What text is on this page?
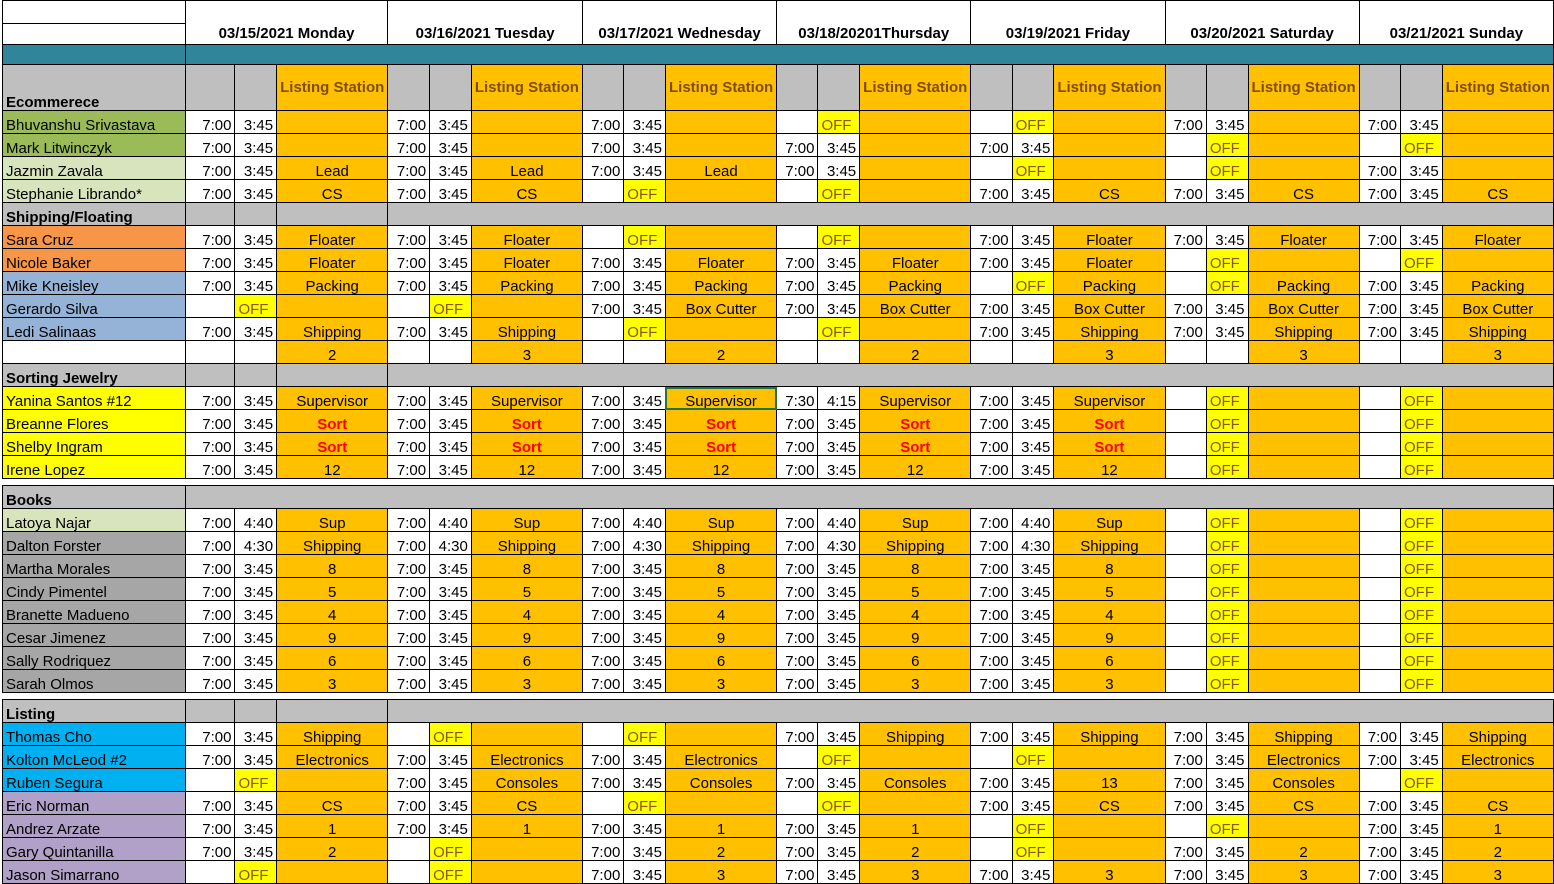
	03/15/2021 Monday			03/16/2021 Tuesday			03/17/2021 Wednesday			03/18/20201Thursday			03/19/2021 Friday			03/20/2021 Saturday			03/21/2021 Sunday		

Ecommerece			Listing Station			Listing Station			Listing Station			Listing Station			Listing Station			Listing Station			Listing Station
Bhuvanshu Srivastava	7:00	3:45		7:00	3:45		7:00	3:45			OFF			OFF		7:00	3:45		7:00	3:45	
Mark Litwinczyk	7:00	3:45		7:00	3:45		7:00	3:45		7:00	3:45		7:00	3:45			OFF			OFF	
Jazmin Zavala	7:00	3:45	Lead	7:00	3:45	Lead	7:00	3:45	Lead	7:00	3:45			OFF			OFF		7:00	3:45	
Stephanie Librando*	7:00	3:45	CS	7:00	3:45	CS		OFF			OFF		7:00	3:45	CS	7:00	3:45	CS	7:00	3:45	CS
Shipping/Floating																					
Sara Cruz	7:00	3:45	Floater	7:00	3:45	Floater		OFF			OFF		7:00	3:45	Floater	7:00	3:45	Floater	7:00	3:45	Floater
Nicole Baker	7:00	3:45	Floater	7:00	3:45	Floater	7:00	3:45	Floater	7:00	3:45	Floater	7:00	3:45	Floater		OFF			OFF	
Mike Kneisley	7:00	3:45	Packing	7:00	3:45	Packing	7:00	3:45	Packing	7:00	3:45	Packing		OFF	Packing		OFF	Packing	7:00	3:45	Packing
Gerardo Silva		OFF			OFF		7:00	3:45	Box Cutter	7:00	3:45	Box Cutter	7:00	3:45	Box Cutter	7:00	3:45	Box Cutter	7:00	3:45	Box Cutter
Ledi Salinaas	7:00	3:45	Shipping	7:00	3:45	Shipping		OFF			OFF		7:00	3:45	Shipping	7:00	3:45	Shipping	7:00	3:45	Shipping
			2			3			2			2			3			3			3
Sorting Jewelry																					
Yanina Santos #12	7:00	3:45	Supervisor	7:00	3:45	Supervisor	7:00	3:45	Supervisor	7:30	4:15	Supervisor	7:00	3:45	Supervisor		OFF			OFF	
Breanne Flores	7:00	3:45	Sort	7:00	3:45	Sort	7:00	3:45	Sort	7:00	3:45	Sort	7:00	3:45	Sort		OFF			OFF	
Shelby Ingram	7:00	3:45	Sort	7:00	3:45	Sort	7:00	3:45	Sort	7:00	3:45	Sort	7:00	3:45	Sort		OFF			OFF	
Irene Lopez	7:00	3:45	12	7:00	3:45	12	7:00	3:45	12	7:00	3:45	12	7:00	3:45	12		OFF			OFF	

Books																					
Latoya Najar	7:00	4:40	Sup	7:00	4:40	Sup	7:00	4:40	Sup	7:00	4:40	Sup	7:00	4:40	Sup		OFF			OFF	
Dalton Forster	7:00	4:30	Shipping	7:00	4:30	Shipping	7:00	4:30	Shipping	7:00	4:30	Shipping	7:00	4:30	Shipping		OFF			OFF	
Martha Morales	7:00	3:45	8	7:00	3:45	8	7:00	3:45	8	7:00	3:45	8	7:00	3:45	8		OFF			OFF	
Cindy Pimentel	7:00	3:45	5	7:00	3:45	5	7:00	3:45	5	7:00	3:45	5	7:00	3:45	5		OFF			OFF	
Branette Madueno	7:00	3:45	4	7:00	3:45	4	7:00	3:45	4	7:00	3:45	4	7:00	3:45	4		OFF			OFF	
Cesar Jimenez	7:00	3:45	9	7:00	3:45	9	7:00	3:45	9	7:00	3:45	9	7:00	3:45	9		OFF			OFF	
Sally Rodriquez	7:00	3:45	6	7:00	3:45	6	7:00	3:45	6	7:00	3:45	6	7:00	3:45	6		OFF			OFF	
Sarah Olmos	7:00	3:45	3	7:00	3:45	3	7:00	3:45	3	7:00	3:45	3	7:00	3:45	3		OFF			OFF	

Listing																					
Thomas Cho	7:00	3:45	Shipping		OFF			OFF		7:00	3:45	Shipping	7:00	3:45	Shipping	7:00	3:45	Shipping	7:00	3:45	Shipping
Kolton McLeod #2	7:00	3:45	Electronics	7:00	3:45	Electronics	7:00	3:45	Electronics		OFF			OFF		7:00	3:45	Electronics	7:00	3:45	Electronics
Ruben Segura		OFF		7:00	3:45	Consoles	7:00	3:45	Consoles	7:00	3:45	Consoles	7:00	3:45	13	7:00	3:45	Consoles		OFF	
Eric Norman	7:00	3:45	CS	7:00	3:45	CS		OFF			OFF		7:00	3:45	CS	7:00	3:45	CS	7:00	3:45	CS
Andrez Arzate	7:00	3:45	1	7:00	3:45	1	7:00	3:45	1	7:00	3:45	1		OFF			OFF		7:00	3:45	1
Gary Quintanilla	7:00	3:45	2		OFF		7:00	3:45	2	7:00	3:45	2		OFF		7:00	3:45	2	7:00	3:45	2
Jason Simarrano		OFF			OFF		7:00	3:45	3	7:00	3:45	3	7:00	3:45	3	7:00	3:45	3	7:00	3:45	3
